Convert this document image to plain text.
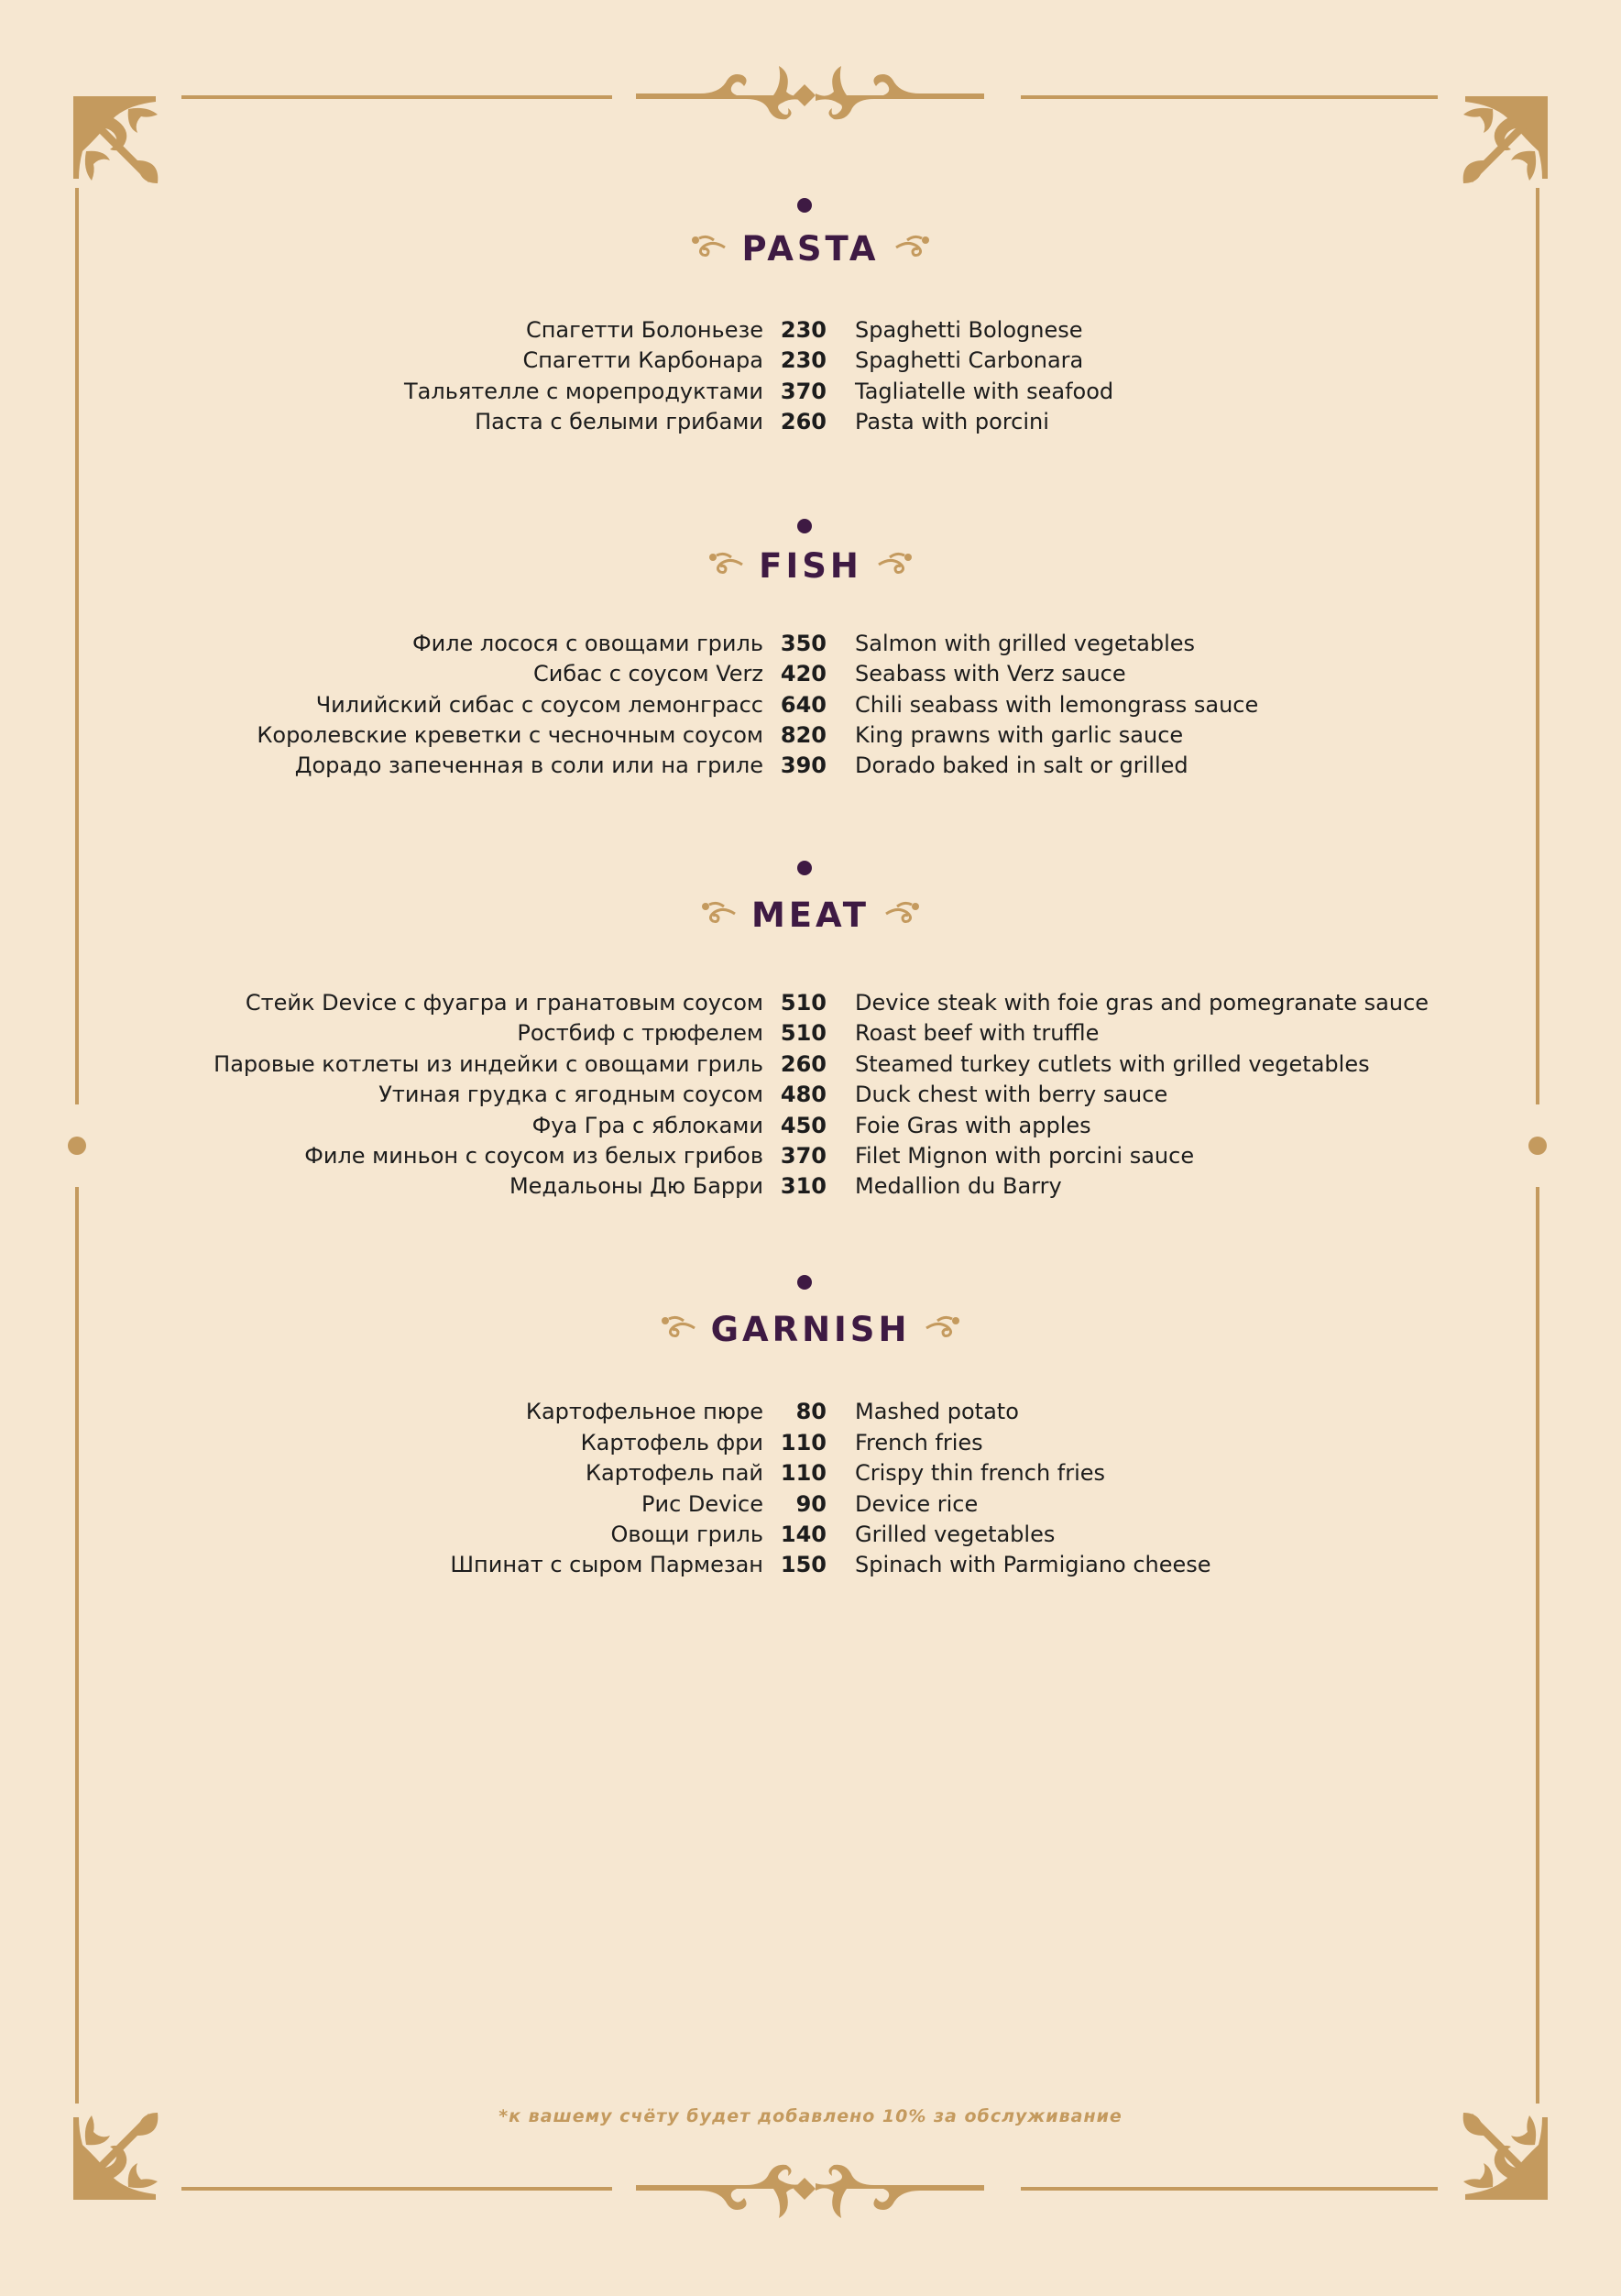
PASTA
Спагетти Болоньезе 230 Spaghetti Bolognese
Спагетти Карбонара 230 Spaghetti Carbonara
Тальятелле с морепродуктами 370 Tagliatelle with seafood
Паста с белыми грибами 260 Pasta with porcini
FISH
Филе лосося с овощами гриль 350 Salmon with grilled vegetables
Сибас с соусом Verz 420 Seabass with Verz sauce
Чилийский сибас с соусом лемонграсс 640 Chili seabass with lemongrass sauce
Королевские креветки с чесночным соусом 820 King prawns with garlic sauce
Дорадо запеченная в соли или на гриле 390 Dorado baked in salt or grilled
MEAT
Стейк Device с фуагра и гранатовым соусом 510 Device steak with foie gras and pomegranate sauce
Ростбиф с трюфелем 510 Roast beef with truffle
Паровые котлеты из индейки с овощами гриль 260 Steamed turkey cutlets with grilled vegetables
Утиная грудка с ягодным соусом 480 Duck chest with berry sauce
Фуа Гра с яблоками 450 Foie Gras with apples
Филе миньон с соусом из белых грибов 370 Filet Mignon with porcini sauce
Медальоны Дю Барри 310 Medallion du Barry
GARNISH
Картофельное пюре	80 Mashed potato
Картофель фри 110 French fries
Картофель пай 110 Crispy thin french fries
Рис Device	90 Device rice
Овощи гриль 140 Grilled vegetables
Шпинат с сыром Пармезан 150 Spinach with Parmigiano cheese
*к вашему счёту будет добавлено 10% за обслуживание
